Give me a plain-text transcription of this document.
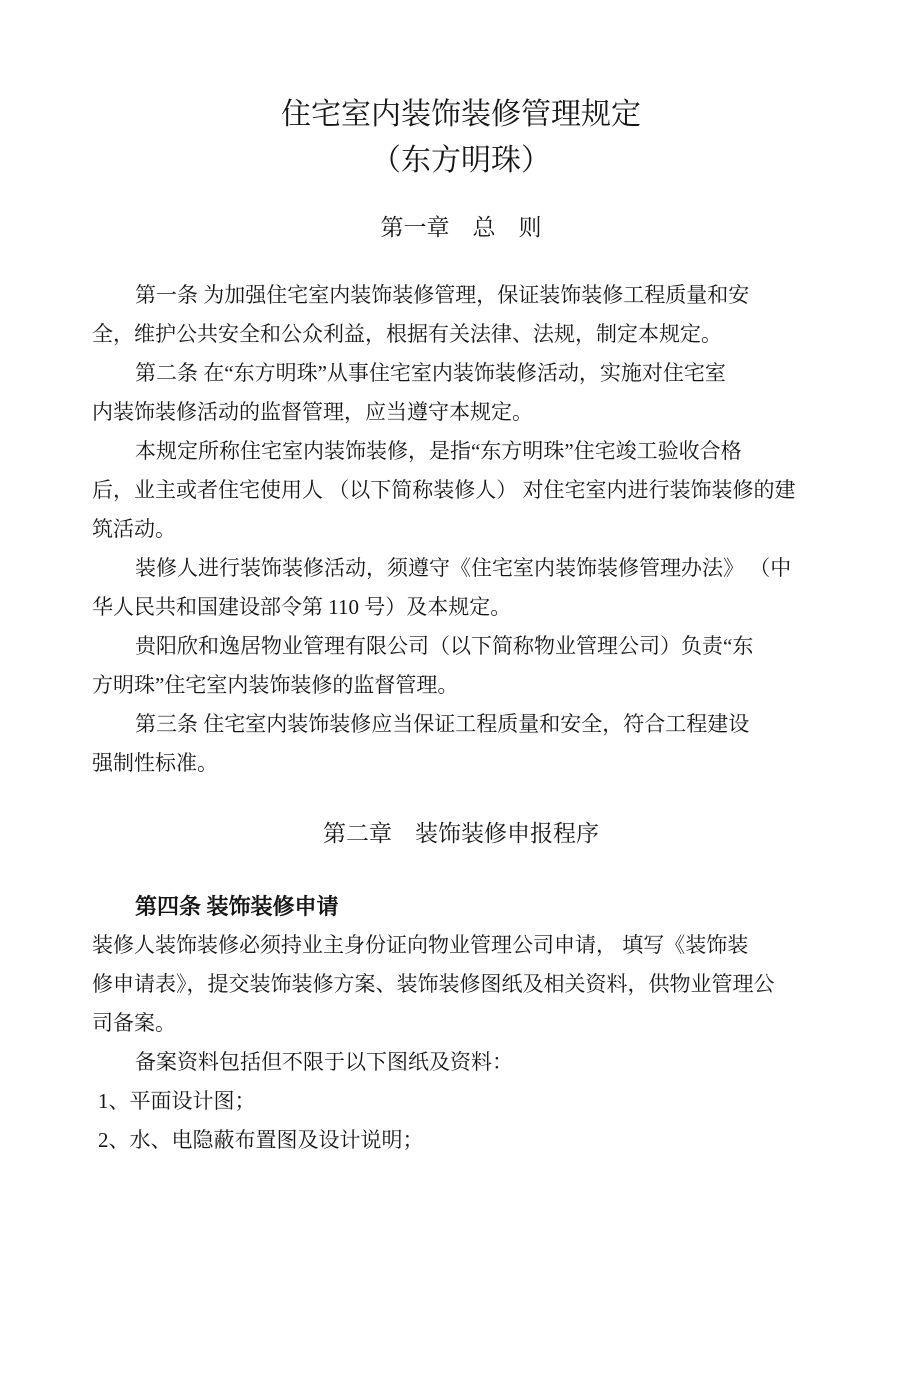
住宅室内装饰装修管理规定
（东方明珠）
第一章　总　则
第一条 为加强住宅室内装饰装修管理，保证装饰装修工程质量和安
全，维护公共安全和公众利益，根据有关法律、法规，制定本规定。
第二条 在“东方明珠”从事住宅室内装饰装修活动，实施对住宅室
内装饰装修活动的监督管理，应当遵守本规定。
本规定所称住宅室内装饰装修，是指“东方明珠”住宅竣工验收合格
后，业主或者住宅使用人 （以下简称装修人） 对住宅室内进行装饰装修的建
筑活动。
装修人进行装饰装修活动，须遵守《住宅室内装饰装修管理办法》 （中
华人民共和国建设部令第 110 号）及本规定。
贵阳欣和逸居物业管理有限公司（以下简称物业管理公司）负责“东
方明珠”住宅室内装饰装修的监督管理。
第三条 住宅室内装饰装修应当保证工程质量和安全，符合工程建设
强制性标准。
第二章　装饰装修申报程序
第四条 装饰装修申请
装修人装饰装修必须持业主身份证向物业管理公司申请， 填写《装饰装
修申请表》，提交装饰装修方案、装饰装修图纸及相关资料，供物业管理公
司备案。
备案资料包括但不限于以下图纸及资料：
1、平面设计图；
2、水、电隐蔽布置图及设计说明；
